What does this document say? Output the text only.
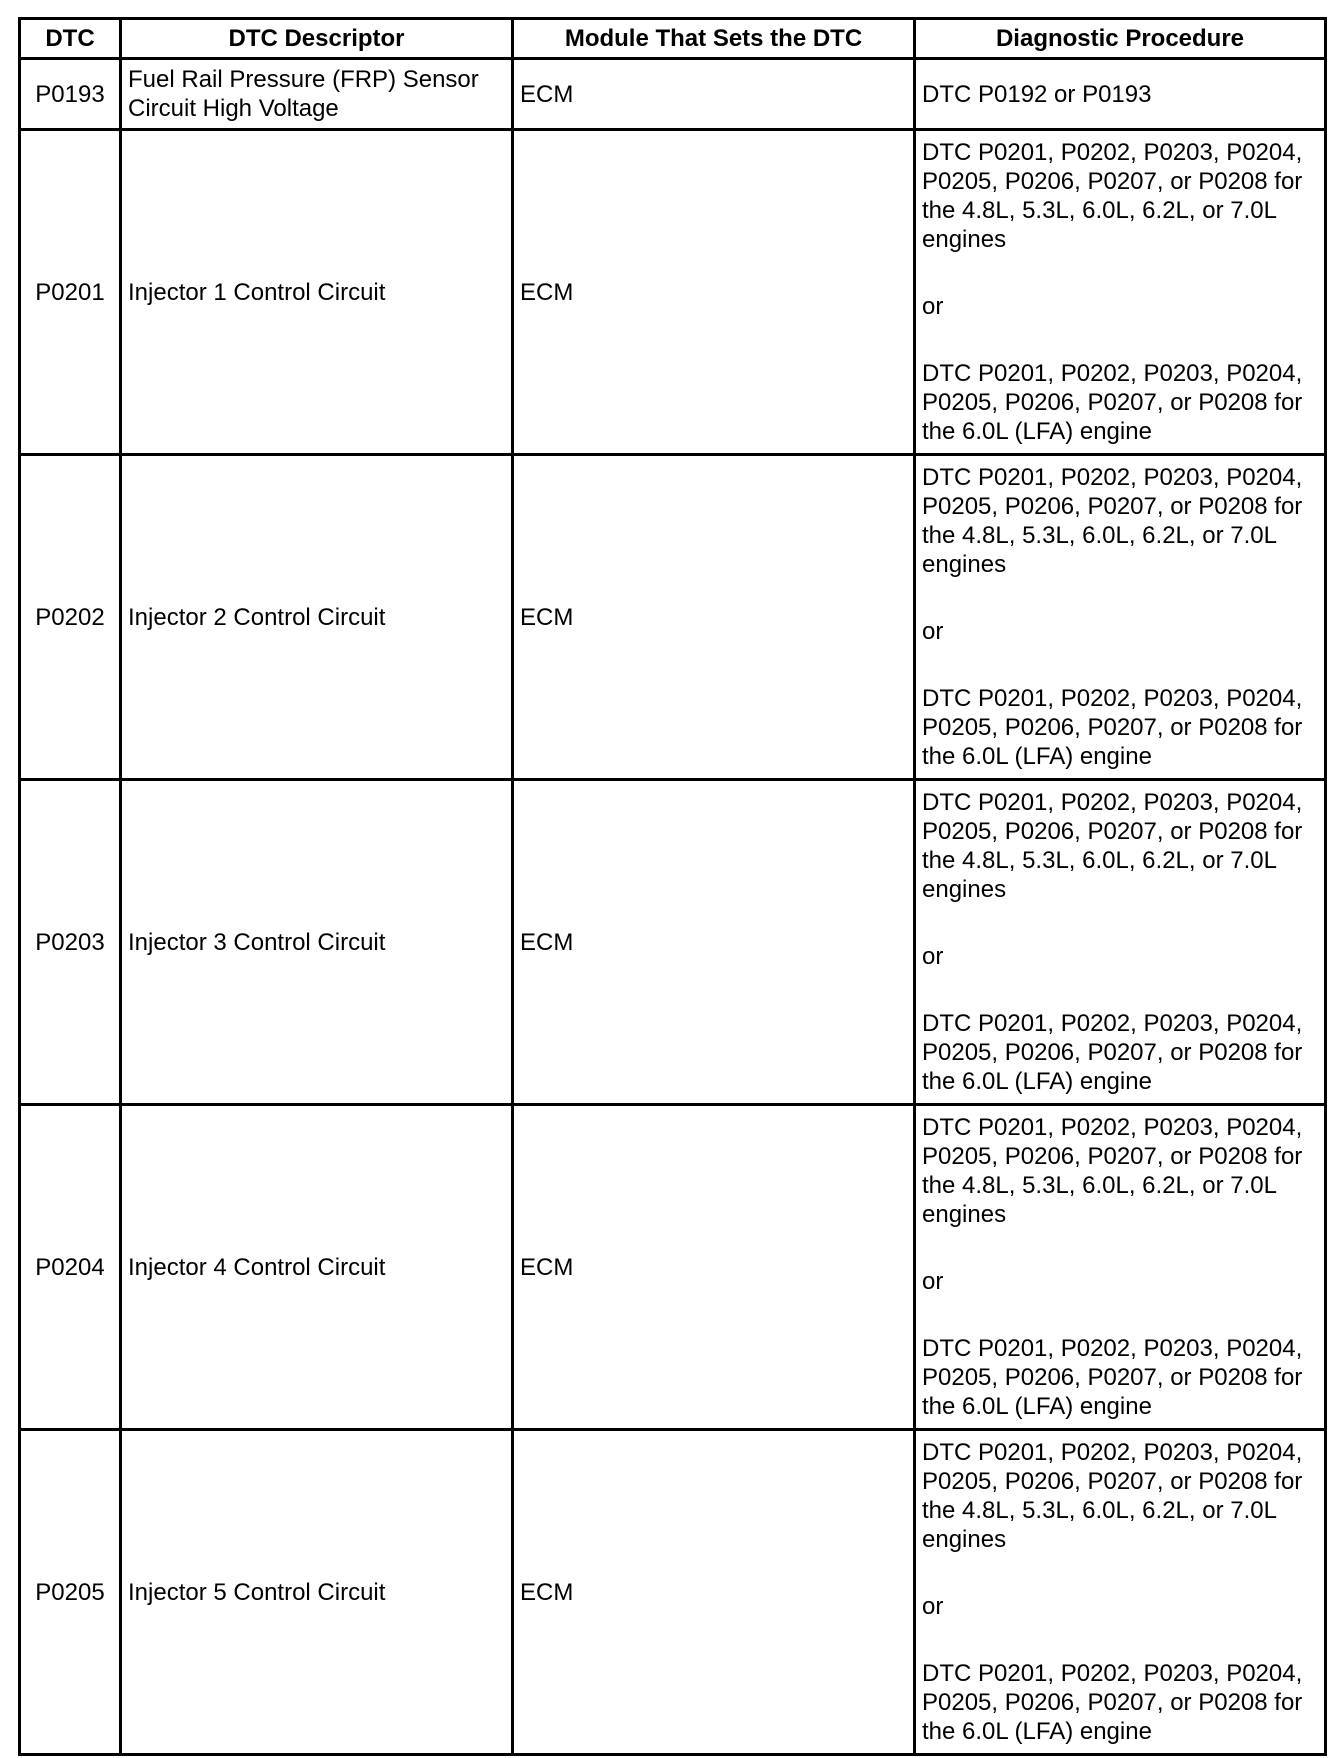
DTC	DTC Descriptor	Module That Sets the DTC	Diagnostic Procedure
P0193	Fuel Rail Pressure (FRP) Sensor Circuit High Voltage	ECM	DTC P0192 or P0193
P0201	Injector 1 Control Circuit	ECM	DTC P0201, P0202, P0203, P0204, P0205, P0206, P0207, or P0208 for the 4.8L, 5.3L, 6.0L, 6.2L, or 7.0L engines
or
DTC P0201, P0202, P0203, P0204, P0205, P0206, P0207, or P0208 for the 6.0L (LFA) engine

P0202	Injector 2 Control Circuit	ECM	DTC P0201, P0202, P0203, P0204, P0205, P0206, P0207, or P0208 for the 4.8L, 5.3L, 6.0L, 6.2L, or 7.0L engines
or
DTC P0201, P0202, P0203, P0204, P0205, P0206, P0207, or P0208 for the 6.0L (LFA) engine

P0203	Injector 3 Control Circuit	ECM	DTC P0201, P0202, P0203, P0204, P0205, P0206, P0207, or P0208 for the 4.8L, 5.3L, 6.0L, 6.2L, or 7.0L engines
or
DTC P0201, P0202, P0203, P0204, P0205, P0206, P0207, or P0208 for the 6.0L (LFA) engine

P0204	Injector 4 Control Circuit	ECM	DTC P0201, P0202, P0203, P0204, P0205, P0206, P0207, or P0208 for the 4.8L, 5.3L, 6.0L, 6.2L, or 7.0L engines
or
DTC P0201, P0202, P0203, P0204, P0205, P0206, P0207, or P0208 for the 6.0L (LFA) engine

P0205	Injector 5 Control Circuit	ECM	DTC P0201, P0202, P0203, P0204, P0205, P0206, P0207, or P0208 for the 4.8L, 5.3L, 6.0L, 6.2L, or 7.0L engines
or
DTC P0201, P0202, P0203, P0204, P0205, P0206, P0207, or P0208 for the 6.0L (LFA) engine
